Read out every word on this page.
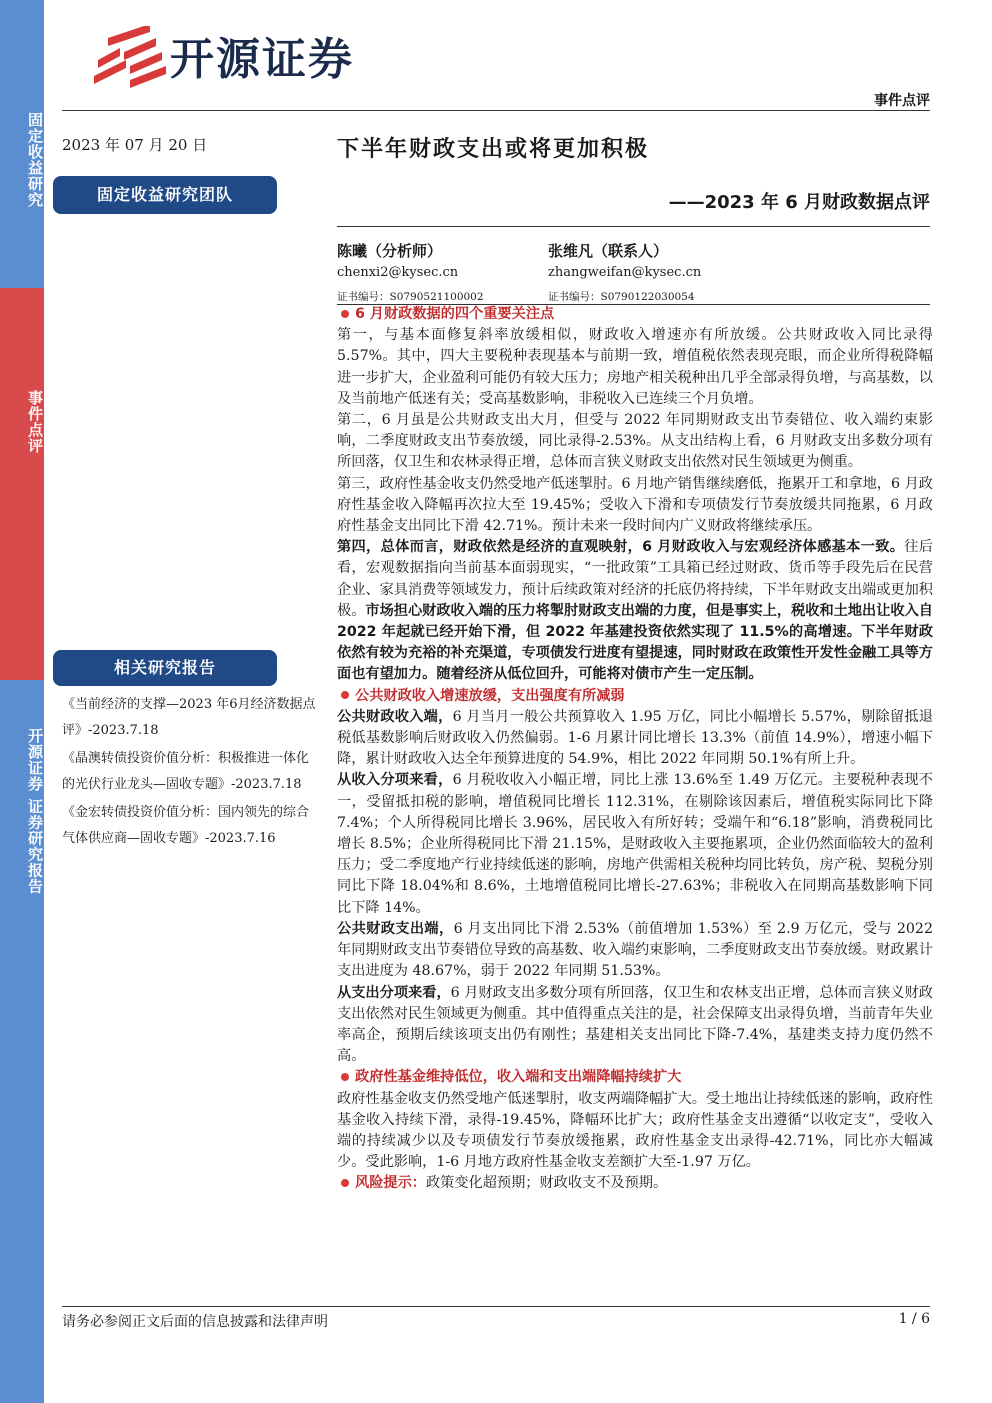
固定收益研究
事件点评
开源证券 证券研究报告
开源证券
事件点评
2023 年 07 月 20 日
固定收益研究团队
相关研究报告
《当前经济的支撑—2023 年6月经济数据点评》-2023.7.18
《晶澳转债投资价值分析：积极推进一体化的光伏行业龙头—固收专题》-2023.7.18
《金宏转债投资价值分析：国内领先的综合气体供应商—固收专题》-2023.7.16
下半年财政支出或将更加积极
——2023 年 6 月财政数据点评
陈曦（分析师）
chenxi2@kysec.cn
证书编号：S0790521100002
张维凡（联系人）
zhangweifan@kysec.cn
证书编号：S0790122030054

6 月财政数据的四个重要关注点

第一，与基本面修复斜率放缓相似，财政收入增速亦有所放缓。公共财政收入同比录得 5.57%。其中，四大主要税种表现基本与前期一致，增值税依然表现亮眼，而企业所得税降幅进一步扩大，企业盈利可能仍有较大压力；房地产相关税种出几乎全部录得负增，与高基数，以及当前地产低迷有关；受高基数影响，非税收入已连续三个月负增。

第二，6 月虽是公共财政支出大月，但受与 2022 年同期财政支出节奏错位、收入端约束影响，二季度财政支出节奏放缓，同比录得-2.53%。从支出结构上看，6 月财政支出多数分项有所回落，仅卫生和农林录得正增，总体而言狭义财政支出依然对民生领域更为侧重。

第三，政府性基金收支仍然受地产低迷掣肘。6 月地产销售继续磨低，拖累开工和拿地，6 月政府性基金收入降幅再次拉大至 19.45%；受收入下滑和专项债发行节奏放缓共同拖累，6 月政府性基金支出同比下滑 42.71%。预计未来一段时间内广义财政将继续承压。

第四，总体而言，财政依然是经济的直观映射，6 月财政收入与宏观经济体感基本一致。往后看，宏观数据指向当前基本面弱现实，“一批政策”工具箱已经过财政、货币等手段先后在民营企业、家具消费等领域发力，预计后续政策对经济的托底仍将持续，下半年财政支出端或更加积极。市场担心财政收入端的压力将掣肘财政支出端的力度，但是事实上，税收和土地出让收入自 2022 年起就已经开始下滑，但 2022 年基建投资依然实现了 11.5%的高增速。下半年财政依然有较为充裕的补充渠道，专项债发行进度有望提速，同时财政在政策性开发性金融工具等方面也有望加力。随着经济从低位回升，可能将对债市产生一定压制。

公共财政收入增速放缓，支出强度有所减弱

公共财政收入端，6 月当月一般公共预算收入 1.95 万亿，同比小幅增长 5.57%，剔除留抵退税低基数影响后财政收入仍然偏弱。1-6 月累计同比增长 13.3%（前值 14.9%），增速小幅下降，累计财政收入达全年预算进度的 54.9%，相比 2022 年同期 50.1%有所上升。

从收入分项来看，6 月税收收入小幅正增，同比上涨 13.6%至 1.49 万亿元。主要税种表现不一，受留抵扣税的影响，增值税同比增长 112.31%，在剔除该因素后，增值税实际同比下降 7.4%；个人所得税同比增长 3.96%，居民收入有所好转；受端午和“6.18”影响，消费税同比增长 8.5%；企业所得税同比下滑 21.15%，是财政收入主要拖累项，企业仍然面临较大的盈利压力；受二季度地产行业持续低迷的影响，房地产供需相关税种均同比转负，房产税、契税分别同比下降 18.04%和 8.6%，土地增值税同比增长-27.63%；非税收入在同期高基数影响下同比下降 14%。

公共财政支出端，6 月支出同比下滑 2.53%（前值增加 1.53%）至 2.9 万亿元，受与 2022 年同期财政支出节奏错位导致的高基数、收入端约束影响，二季度财政支出节奏放缓。财政累计支出进度为 48.67%，弱于 2022 年同期 51.53%。

从支出分项来看，6 月财政支出多数分项有所回落，仅卫生和农林支出正增，总体而言狭义财政支出依然对民生领域更为侧重。其中值得重点关注的是，社会保障支出录得负增，当前青年失业率高企，预期后续该项支出仍有刚性；基建相关支出同比下降-7.4%，基建类支持力度仍然不高。

政府性基金维持低位，收入端和支出端降幅持续扩大

政府性基金收支仍然受地产低迷掣肘，收支两端降幅扩大。受土地出让持续低迷的影响，政府性基金收入持续下滑，录得-19.45%，降幅环比扩大；政府性基金支出遵循“以收定支”，受收入端的持续减少以及专项债发行节奏放缓拖累，政府性基金支出录得-42.71%，同比亦大幅减少。受此影响，1-6 月地方政府性基金收支差额扩大至-1.97 万亿。

风险提示：政策变化超预期；财政收支不及预期。

请务必参阅正文后面的信息披露和法律声明	1 / 6
